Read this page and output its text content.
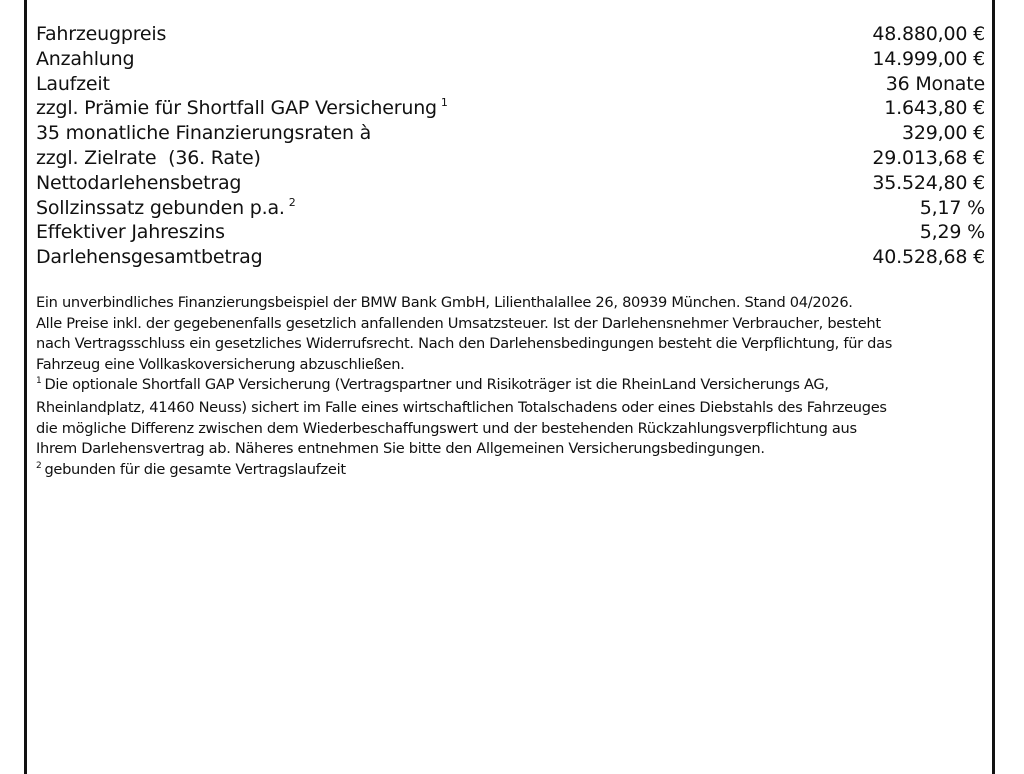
Fahrzeugpreis	48.880,00 €
Anzahlung	14.999,00 €
Laufzeit	36 Monate
zzgl. Prämie für Shortfall GAP Versicherung $^1$	1.643,80 €
35 monatliche Finanzierungsraten à	329,00 €
zzgl. Zielrate  (36. Rate)	29.013,68 €
Nettodarlehensbetrag	35.524,80 €
Sollzinssatz gebunden p.a. $^2$	5,17 %
Effektiver Jahreszins	5,29 %
Darlehensgesamtbetrag	40.528,68 €

Ein unverbindliches Finanzierungsbeispiel der BMW Bank GmbH, Lilienthalallee 26, 80939 München. Stand 04/2026.

Alle Preise inkl. der gegebenenfalls gesetzlich anfallenden Umsatzsteuer. Ist der Darlehensnehmer Verbraucher, besteht

nach Vertragsschluss ein gesetzliches Widerrufsrecht. Nach den Darlehensbedingungen besteht die Verpflichtung, für das

Fahrzeug eine Vollkaskoversicherung abzuschließen.

$^1$ Die optionale Shortfall GAP Versicherung (Vertragspartner und Risikoträger ist die RheinLand Versicherungs AG,

Rheinlandplatz, 41460 Neuss) sichert im Falle eines wirtschaftlichen Totalschadens oder eines Diebstahls des Fahrzeuges

die mögliche Differenz zwischen dem Wiederbeschaffungswert und der bestehenden Rückzahlungsverpflichtung aus

Ihrem Darlehensvertrag ab. Näheres entnehmen Sie bitte den Allgemeinen Versicherungsbedingungen.

$^2$ gebunden für die gesamte Vertragslaufzeit
